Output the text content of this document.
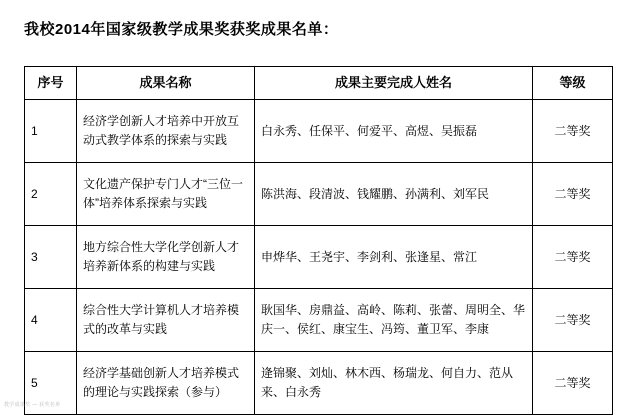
我校2014年国家级教学成果奖获奖成果名单：
序号	成果名称	成果主要完成人姓名	等级
1	经济学创新人才培养中开放互动式教学体系的探索与实践	白永秀、任保平、何爱平、高煜、吴振磊	二等奖
2	文化遗产保护专门人才“三位一体”培养体系探索与实践	陈洪海、段清波、钱耀鹏、孙满利、刘军民	二等奖
3	地方综合性大学化学创新人才培养新体系的构建与实践	申烨华、王尧宇、李剑利、张逢星、常江	二等奖
4	综合性大学计算机人才培养模式的改革与实践	耿国华、房鼎益、高岭、陈莉、张蕾、周明全、华庆一、侯红、康宝生、冯筠、董卫军、李康	二等奖
5	经济学基础创新人才培养模式的理论与实践探索（参与）	逄锦聚、刘灿、林木西、杨瑞龙、何自力、范从来、白永秀	二等奖
教学成果奖 — 获奖名单
